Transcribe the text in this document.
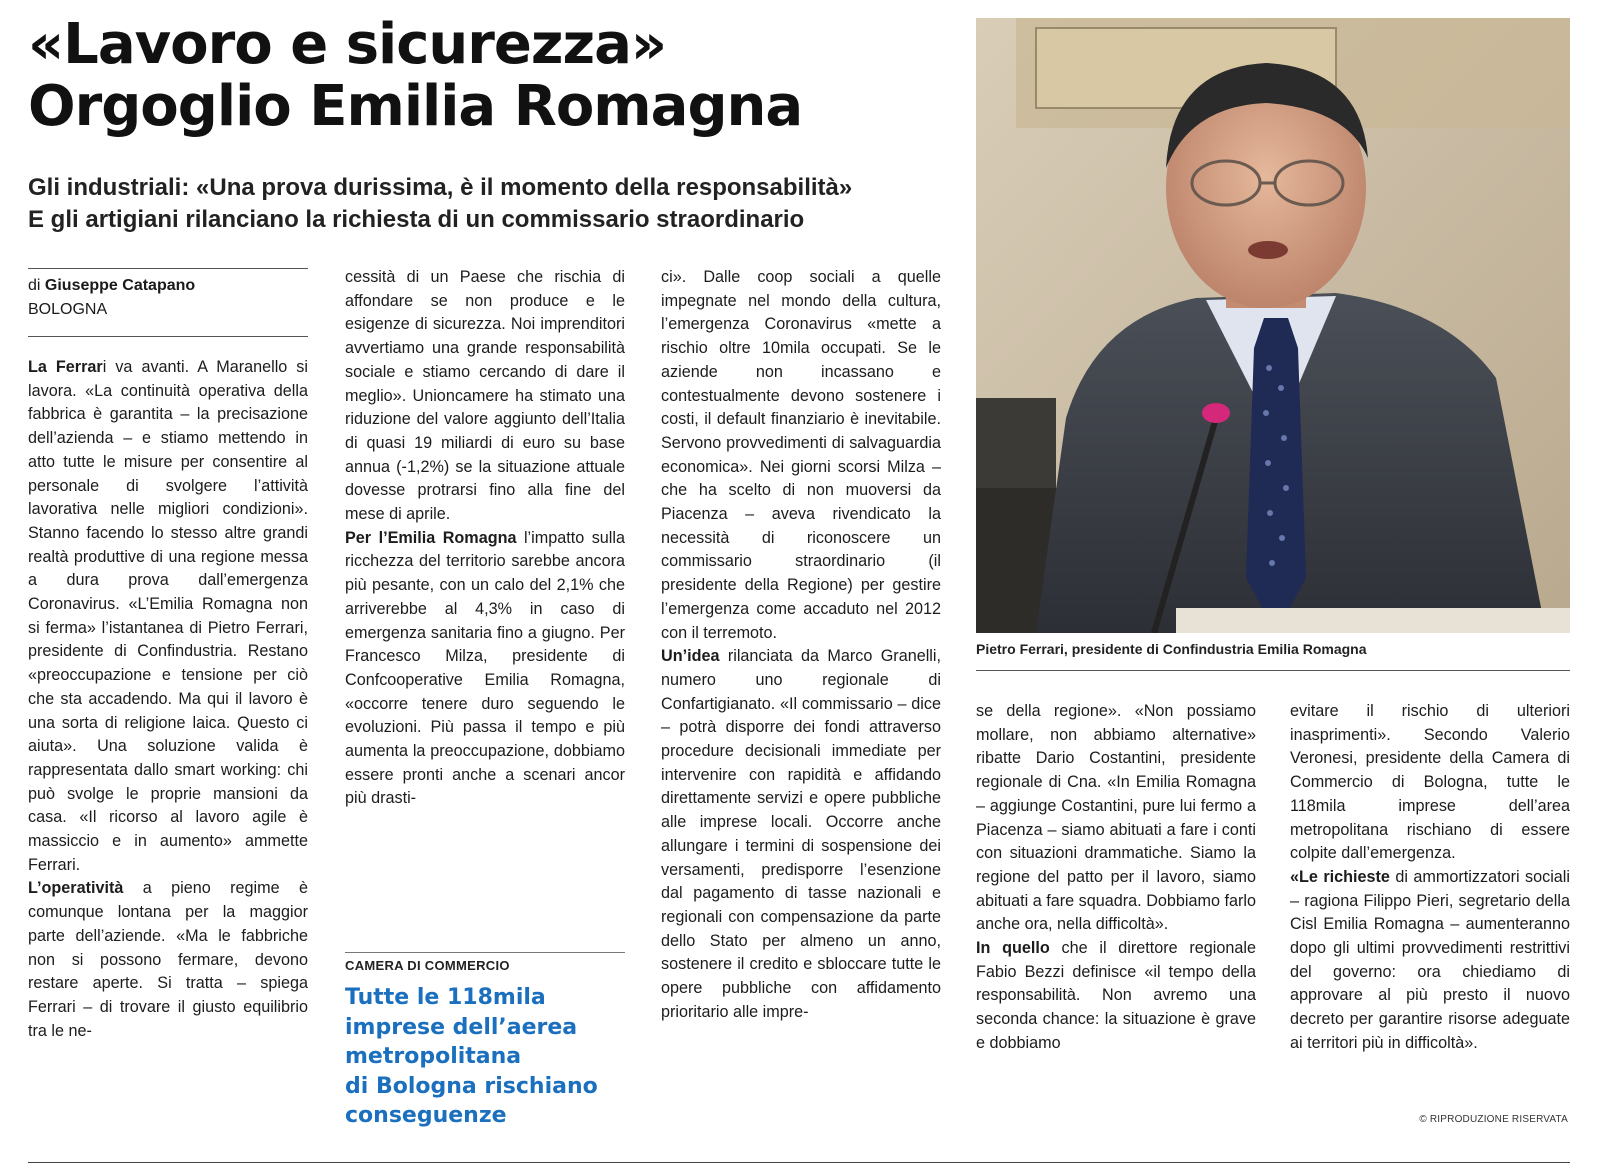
«Lavoro e sicurezza»
Orgoglio Emilia Romagna
Gli industriali: «Una prova durissima, è il momento della responsabilità»
E gli artigiani rilanciano la richiesta di un commissario straordinario
di Giuseppe Catapano
BOLOGNA

La Ferrari va avanti. A Maranello si lavora. «La continuità operativa della fabbrica è garantita – la precisazione dell’azienda – e stiamo mettendo in atto tutte le misure per consentire al personale di svolgere l’attività lavorativa nelle migliori condizioni». Stanno facendo lo stesso altre grandi realtà produttive di una regione messa a dura prova dall’emergenza Coronavirus. «L’Emilia Romagna non si ferma» l’istantanea di Pietro Ferrari, presidente di Confindustria. Restano «preoccupazione e tensione per ciò che sta accadendo. Ma qui il lavoro è una sorta di religione laica. Questo ci aiuta». Una soluzione valida è rappresentata dallo smart working: chi può svolge le proprie mansioni da casa. «Il ricorso al lavoro agile è massiccio e in aumento» ammette Ferrari.

L’operatività a pieno regime è comunque lontana per la maggior parte dell’aziende. «Ma le fabbriche non si possono fermare, devono restare aperte. Si tratta – spiega Ferrari – di trovare il giusto equilibrio tra le ne-

cessità di un Paese che rischia di affondare se non produce e le esigenze di sicurezza. Noi imprenditori avvertiamo una grande responsabilità sociale e stiamo cercando di dare il meglio». Unioncamere ha stimato una riduzione del valore aggiunto dell’Italia di quasi 19 miliardi di euro su base annua (-1,2%) se la situazione attuale dovesse protrarsi fino alla fine del mese di aprile.

Per l’Emilia Romagna l’impatto sulla ricchezza del territorio sarebbe ancora più pesante, con un calo del 2,1% che arriverebbe al 4,3% in caso di emergenza sanitaria fino a giugno. Per Francesco Milza, presidente di Confcooperative Emilia Romagna, «occorre tenere duro seguendo le evoluzioni. Più passa il tempo e più aumenta la preoccupazione, dobbiamo essere pronti anche a scenari ancor più drasti-

CAMERA DI COMMERCIO
Tutte le 118mila
imprese dell’aerea
metropolitana
di Bologna rischiano
conseguenze

ci». Dalle coop sociali a quelle impegnate nel mondo della cultura, l’emergenza Coronavirus «mette a rischio oltre 10mila occupati. Se le aziende non incassano e contestualmente devono sostenere i costi, il default finanziario è inevitabile. Servono provvedimenti di salvaguardia economica». Nei giorni scorsi Milza – che ha scelto di non muoversi da Piacenza – aveva rivendicato la necessità di riconoscere un commissario straordinario (il presidente della Regione) per gestire l’emergenza come accaduto nel 2012 con il terremoto.

Un’idea rilanciata da Marco Granelli, numero uno regionale di Confartigianato. «Il commissario – dice – potrà disporre dei fondi attraverso procedure decisionali immediate per intervenire con rapidità e affidando direttamente servizi e opere pubbliche alle imprese locali. Occorre anche allungare i termini di sospensione dei versamenti, predisporre l’esenzione dal pagamento di tasse nazionali e regionali con compensazione da parte dello Stato per almeno un anno, sostenere il credito e sbloccare tutte le opere pubbliche con affidamento prioritario alle impre-

Pietro Ferrari, presidente di Confindustria Emilia Romagna

se della regione». «Non possiamo mollare, non abbiamo alternative» ribatte Dario Costantini, presidente regionale di Cna. «In Emilia Romagna – aggiunge Costantini, pure lui fermo a Piacenza – siamo abituati a fare i conti con situazioni drammatiche. Siamo la regione del patto per il lavoro, siamo abituati a fare squadra. Dobbiamo farlo anche ora, nella difficoltà».

In quello che il direttore regionale Fabio Bezzi definisce «il tempo della responsabilità. Non avremo una seconda chance: la situazione è grave e dobbiamo

evitare il rischio di ulteriori inasprimenti». Secondo Valerio Veronesi, presidente della Camera di Commercio di Bologna, tutte le 118mila imprese dell’area metropolitana rischiano di essere colpite dall’emergenza.

«Le richieste di ammortizzatori sociali – ragiona Filippo Pieri, segretario della Cisl Emilia Romagna – aumenteranno dopo gli ultimi provvedimenti restrittivi del governo: ora chiediamo di approvare al più presto il nuovo decreto per garantire risorse adeguate ai territori più in difficoltà».

© RIPRODUZIONE RISERVATA
